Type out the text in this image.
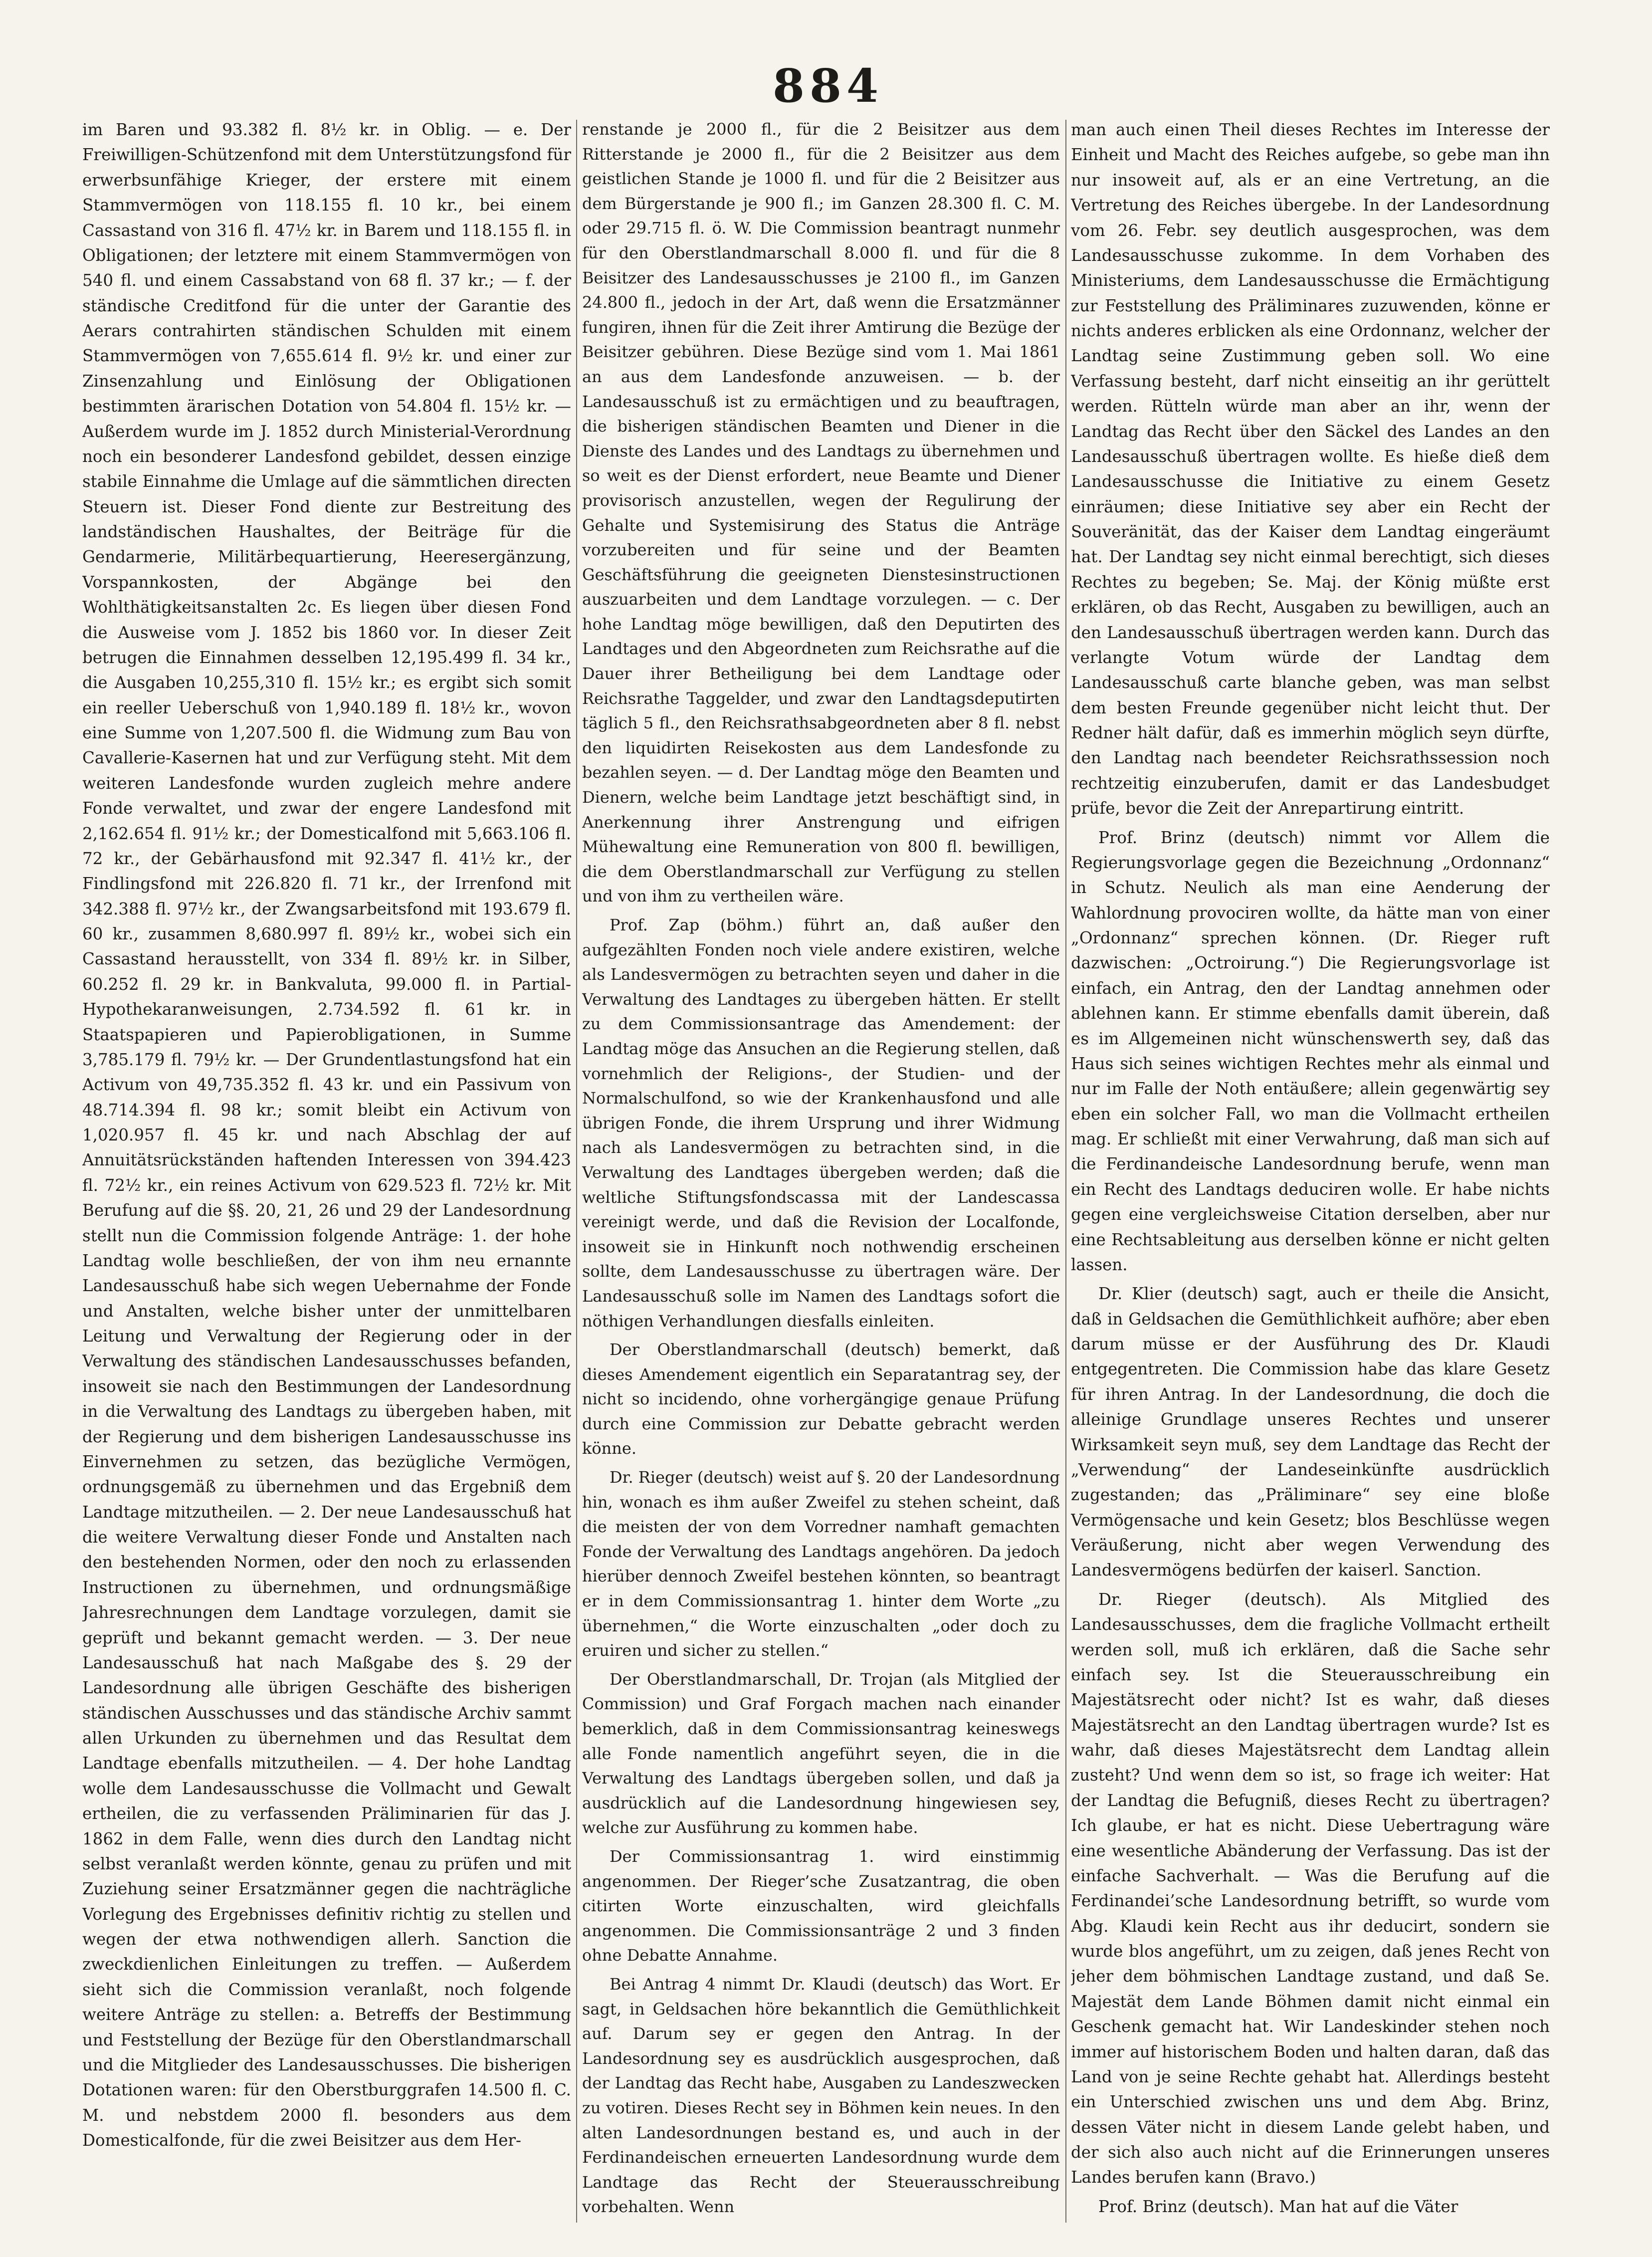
884

im Baren und 93.382 fl. 8½ kr. in Oblig. — e. Der Freiwilligen-Schützenfond mit dem Unterstützungsfond für erwerbsunfähige Krieger, der erstere mit einem Stammvermögen von 118.155 fl. 10 kr., bei einem Cassastand von 316 fl. 47½ kr. in Barem und 118.155 fl. in Obligationen; der letztere mit einem Stammvermögen von 540 fl. und einem Cassabstand von 68 fl. 37 kr.; — f. der ständische Creditfond für die unter der Garantie des Aerars contrahirten ständischen Schulden mit einem Stammvermögen von 7,655.614 fl. 9½ kr. und einer zur Zinsenzahlung und Einlösung der Obligationen bestimmten ärarischen Dotation von 54.804 fl. 15½ kr. — Außerdem wurde im J. 1852 durch Ministerial-Verordnung noch ein besonderer Landesfond gebildet, dessen einzige stabile Einnahme die Umlage auf die sämmtlichen directen Steuern ist. Dieser Fond diente zur Bestreitung des landständischen Haushaltes, der Beiträge für die Gendarmerie, Militärbequartierung, Heeresergänzung, Vorspannkosten, der Abgänge bei den Wohlthätigkeitsanstalten 2c. Es liegen über diesen Fond die Ausweise vom J. 1852 bis 1860 vor. In dieser Zeit betrugen die Einnahmen desselben 12,195.499 fl. 34 kr., die Ausgaben 10,255,310 fl. 15½ kr.; es ergibt sich somit ein reeller Ueberschuß von 1,940.189 fl. 18½ kr., wovon eine Summe von 1,207.500 fl. die Widmung zum Bau von Cavallerie-Kasernen hat und zur Verfügung steht. Mit dem weiteren Landesfonde wurden zugleich mehre andere Fonde verwaltet, und zwar der engere Landesfond mit 2,162.654 fl. 91½ kr.; der Domesticalfond mit 5,663.106 fl. 72 kr., der Gebärhausfond mit 92.347 fl. 41½ kr., der Findlingsfond mit 226.820 fl. 71 kr., der Irrenfond mit 342.388 fl. 97½ kr., der Zwangsarbeitsfond mit 193.679 fl. 60 kr., zusammen 8,680.997 fl. 89½ kr., wobei sich ein Cassastand herausstellt, von 334 fl. 89½ kr. in Silber, 60.252 fl. 29 kr. in Bankvaluta, 99.000 fl. in Partial-Hypothekaranweisungen, 2.734.592 fl. 61 kr. in Staatspapieren und Papierobligationen, in Summe 3,785.179 fl. 79½ kr. — Der Grundentlastungsfond hat ein Activum von 49,735.352 fl. 43 kr. und ein Passivum von 48.714.394 fl. 98 kr.; somit bleibt ein Activum von 1,020.957 fl. 45 kr. und nach Abschlag der auf Annuitätsrückständen haftenden Interessen von 394.423 fl. 72½ kr., ein reines Activum von 629.523 fl. 72½ kr. Mit Berufung auf die §§. 20, 21, 26 und 29 der Landesordnung stellt nun die Commission folgende Anträge: 1. der hohe Landtag wolle beschließen, der von ihm neu ernannte Landesausschuß habe sich wegen Uebernahme der Fonde und Anstalten, welche bisher unter der unmittelbaren Leitung und Verwaltung der Regierung oder in der Verwaltung des ständischen Landesausschusses befanden, insoweit sie nach den Bestimmungen der Landesordnung in die Verwaltung des Landtags zu übergeben haben, mit der Regierung und dem bisherigen Landesausschusse ins Einvernehmen zu setzen, das bezügliche Vermögen, ordnungsgemäß zu übernehmen und das Ergebniß dem Landtage mitzutheilen. — 2. Der neue Landesausschuß hat die weitere Verwaltung dieser Fonde und Anstalten nach den bestehenden Normen, oder den noch zu erlassenden Instructionen zu übernehmen, und ordnungsmäßige Jahresrechnungen dem Landtage vorzulegen, damit sie geprüft und bekannt gemacht werden. — 3. Der neue Landesausschuß hat nach Maßgabe des §. 29 der Landesordnung alle übrigen Geschäfte des bisherigen ständischen Ausschusses und das ständische Archiv sammt allen Urkunden zu übernehmen und das Resultat dem Landtage ebenfalls mitzutheilen. — 4. Der hohe Landtag wolle dem Landesausschusse die Vollmacht und Gewalt ertheilen, die zu verfassenden Präliminarien für das J. 1862 in dem Falle, wenn dies durch den Landtag nicht selbst veranlaßt werden könnte, genau zu prüfen und mit Zuziehung seiner Ersatzmänner gegen die nachträgliche Vorlegung des Ergebnisses definitiv richtig zu stellen und wegen der etwa nothwendigen allerh. Sanction die zweckdienlichen Einleitungen zu treffen. — Außerdem sieht sich die Commission veranlaßt, noch folgende weitere Anträge zu stellen: a. Betreffs der Bestimmung und Feststellung der Bezüge für den Oberstlandmarschall und die Mitglieder des Landesausschusses. Die bisherigen Dotationen waren: für den Oberstburggrafen 14.500 fl. C. M. und nebstdem 2000 fl. besonders aus dem Domesticalfonde, für die zwei Beisitzer aus dem Her-

renstande je 2000 fl., für die 2 Beisitzer aus dem Ritterstande je 2000 fl., für die 2 Beisitzer aus dem geistlichen Stande je 1000 fl. und für die 2 Beisitzer aus dem Bürgerstande je 900 fl.; im Ganzen 28.300 fl. C. M. oder 29.715 fl. ö. W. Die Commission beantragt nunmehr für den Oberstlandmarschall 8.000 fl. und für die 8 Beisitzer des Landesausschusses je 2100 fl., im Ganzen 24.800 fl., jedoch in der Art, daß wenn die Ersatzmänner fungiren, ihnen für die Zeit ihrer Amtirung die Bezüge der Beisitzer gebühren. Diese Bezüge sind vom 1. Mai 1861 an aus dem Landesfonde anzuweisen. — b. der Landesausschuß ist zu ermächtigen und zu beauftragen, die bisherigen ständischen Beamten und Diener in die Dienste des Landes und des Landtags zu übernehmen und so weit es der Dienst erfordert, neue Beamte und Diener provisorisch anzustellen, wegen der Regulirung der Gehalte und Systemisirung des Status die Anträge vorzubereiten und für seine und der Beamten Geschäftsführung die geeigneten Dienstesinstructionen auszuarbeiten und dem Landtage vorzulegen. — c. Der hohe Landtag möge bewilligen, daß den Deputirten des Landtages und den Abgeordneten zum Reichsrathe auf die Dauer ihrer Betheiligung bei dem Landtage oder Reichsrathe Taggelder, und zwar den Landtagsdeputirten täglich 5 fl., den Reichsrathsabgeordneten aber 8 fl. nebst den liquidirten Reisekosten aus dem Landesfonde zu bezahlen seyen. — d. Der Landtag möge den Beamten und Dienern, welche beim Landtage jetzt beschäftigt sind, in Anerkennung ihrer Anstrengung und eifrigen Mühewaltung eine Remuneration von 800 fl. bewilligen, die dem Oberstlandmarschall zur Verfügung zu stellen und von ihm zu vertheilen wäre.

Prof. Zap (böhm.) führt an, daß außer den aufgezählten Fonden noch viele andere existiren, welche als Landesvermögen zu betrachten seyen und daher in die Verwaltung des Landtages zu übergeben hätten. Er stellt zu dem Commissionsantrage das Amendement: der Landtag möge das Ansuchen an die Regierung stellen, daß vornehmlich der Religions-, der Studien- und der Normalschulfond, so wie der Krankenhausfond und alle übrigen Fonde, die ihrem Ursprung und ihrer Widmung nach als Landesvermögen zu betrachten sind, in die Verwaltung des Landtages übergeben werden; daß die weltliche Stiftungsfondscassa mit der Landescassa vereinigt werde, und daß die Revision der Localfonde, insoweit sie in Hinkunft noch nothwendig erscheinen sollte, dem Landesausschusse zu übertragen wäre. Der Landesausschuß solle im Namen des Landtags sofort die nöthigen Verhandlungen diesfalls einleiten.

Der Oberstlandmarschall (deutsch) bemerkt, daß dieses Amendement eigentlich ein Separatantrag sey, der nicht so incidendo, ohne vorhergängige genaue Prüfung durch eine Commission zur Debatte gebracht werden könne.

Dr. Rieger (deutsch) weist auf §. 20 der Landesordnung hin, wonach es ihm außer Zweifel zu stehen scheint, daß die meisten der von dem Vorredner namhaft gemachten Fonde der Verwaltung des Landtags angehören. Da jedoch hierüber dennoch Zweifel bestehen könnten, so beantragt er in dem Commissionsantrag 1. hinter dem Worte „zu übernehmen,“ die Worte einzuschalten „oder doch zu eruiren und sicher zu stellen.“

Der Oberstlandmarschall, Dr. Trojan (als Mitglied der Commission) und Graf Forgach machen nach einander bemerklich, daß in dem Commissionsantrag keineswegs alle Fonde namentlich angeführt seyen, die in die Verwaltung des Landtags übergeben sollen, und daß ja ausdrücklich auf die Landesordnung hingewiesen sey, welche zur Ausführung zu kommen habe.

Der Commissionsantrag 1. wird einstimmig angenommen. Der Rieger’sche Zusatzantrag, die oben citirten Worte einzuschalten, wird gleichfalls angenommen. Die Commissionsanträge 2 und 3 finden ohne Debatte Annahme.

Bei Antrag 4 nimmt Dr. Klaudi (deutsch) das Wort. Er sagt, in Geldsachen höre bekanntlich die Gemüthlichkeit auf. Darum sey er gegen den Antrag. In der Landesordnung sey es ausdrücklich ausgesprochen, daß der Landtag das Recht habe, Ausgaben zu Landeszwecken zu votiren. Dieses Recht sey in Böhmen kein neues. In den alten Landesordnungen bestand es, und auch in der Ferdinandeischen erneuerten Landesordnung wurde dem Landtage das Recht der Steuerausschreibung vorbehalten. Wenn

man auch einen Theil dieses Rechtes im Interesse der Einheit und Macht des Reiches aufgebe, so gebe man ihn nur insoweit auf, als er an eine Vertretung, an die Vertretung des Reiches übergebe. In der Landesordnung vom 26. Febr. sey deutlich ausgesprochen, was dem Landesausschusse zukomme. In dem Vorhaben des Ministeriums, dem Landesausschusse die Ermächtigung zur Feststellung des Präliminares zuzuwenden, könne er nichts anderes erblicken als eine Ordonnanz, welcher der Landtag seine Zustimmung geben soll. Wo eine Verfassung besteht, darf nicht einseitig an ihr gerüttelt werden. Rütteln würde man aber an ihr, wenn der Landtag das Recht über den Säckel des Landes an den Landesausschuß übertragen wollte. Es hieße dieß dem Landesausschusse die Initiative zu einem Gesetz einräumen; diese Initiative sey aber ein Recht der Souveränität, das der Kaiser dem Landtag eingeräumt hat. Der Landtag sey nicht einmal berechtigt, sich dieses Rechtes zu begeben; Se. Maj. der König müßte erst erklären, ob das Recht, Ausgaben zu bewilligen, auch an den Landesausschuß übertragen werden kann. Durch das verlangte Votum würde der Landtag dem Landesausschuß carte blanche geben, was man selbst dem besten Freunde gegenüber nicht leicht thut. Der Redner hält dafür, daß es immerhin möglich seyn dürfte, den Landtag nach beendeter Reichsrathssession noch rechtzeitig einzuberufen, damit er das Landesbudget prüfe, bevor die Zeit der Anrepartirung eintritt.

Prof. Brinz (deutsch) nimmt vor Allem die Regierungsvorlage gegen die Bezeichnung „Ordonnanz“ in Schutz. Neulich als man eine Aenderung der Wahlordnung provociren wollte, da hätte man von einer „Ordonnanz“ sprechen können. (Dr. Rieger ruft dazwischen: „Octroirung.“) Die Regierungsvorlage ist einfach, ein Antrag, den der Landtag annehmen oder ablehnen kann. Er stimme ebenfalls damit überein, daß es im Allgemeinen nicht wünschenswerth sey, daß das Haus sich seines wichtigen Rechtes mehr als einmal und nur im Falle der Noth entäußere; allein gegenwärtig sey eben ein solcher Fall, wo man die Vollmacht ertheilen mag. Er schließt mit einer Verwahrung, daß man sich auf die Ferdinandeische Landesordnung berufe, wenn man ein Recht des Landtags deduciren wolle. Er habe nichts gegen eine vergleichsweise Citation derselben, aber nur eine Rechtsableitung aus derselben könne er nicht gelten lassen.

Dr. Klier (deutsch) sagt, auch er theile die Ansicht, daß in Geldsachen die Gemüthlichkeit aufhöre; aber eben darum müsse er der Ausführung des Dr. Klaudi entgegentreten. Die Commission habe das klare Gesetz für ihren Antrag. In der Landesordnung, die doch die alleinige Grundlage unseres Rechtes und unserer Wirksamkeit seyn muß, sey dem Landtage das Recht der „Verwendung“ der Landeseinkünfte ausdrücklich zugestanden; das „Präliminare“ sey eine bloße Vermögensache und kein Gesetz; blos Beschlüsse wegen Veräußerung, nicht aber wegen Verwendung des Landesvermögens bedürfen der kaiserl. Sanction.

Dr. Rieger (deutsch). Als Mitglied des Landesausschusses, dem die fragliche Vollmacht ertheilt werden soll, muß ich erklären, daß die Sache sehr einfach sey. Ist die Steuerausschreibung ein Majestätsrecht oder nicht? Ist es wahr, daß dieses Majestätsrecht an den Landtag übertragen wurde? Ist es wahr, daß dieses Majestätsrecht dem Landtag allein zusteht? Und wenn dem so ist, so frage ich weiter: Hat der Landtag die Befugniß, dieses Recht zu übertragen? Ich glaube, er hat es nicht. Diese Uebertragung wäre eine wesentliche Abänderung der Verfassung. Das ist der einfache Sachverhalt. — Was die Berufung auf die Ferdinandei’sche Landesordnung betrifft, so wurde vom Abg. Klaudi kein Recht aus ihr deducirt, sondern sie wurde blos angeführt, um zu zeigen, daß jenes Recht von jeher dem böhmischen Landtage zustand, und daß Se. Majestät dem Lande Böhmen damit nicht einmal ein Geschenk gemacht hat. Wir Landeskinder stehen noch immer auf historischem Boden und halten daran, daß das Land von je seine Rechte gehabt hat. Allerdings besteht ein Unterschied zwischen uns und dem Abg. Brinz, dessen Väter nicht in diesem Lande gelebt haben, und der sich also auch nicht auf die Erinnerungen unseres Landes berufen kann (Bravo.)

Prof. Brinz (deutsch). Man hat auf die Väter
